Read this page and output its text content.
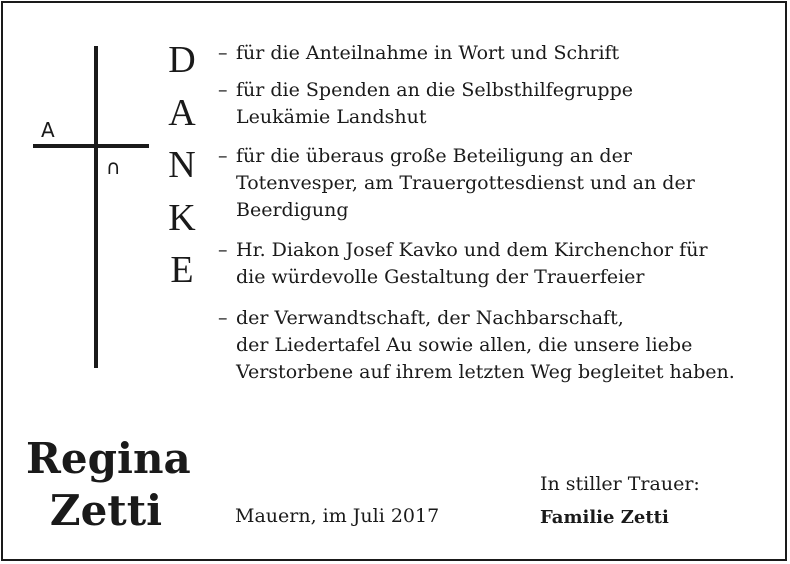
A
∩
D
A
N
K
E
– für die Anteilnahme in Wort und Schrift
– für die Spenden an die Selbsthilfegruppe
Leukämie Landshut
– für die überaus große Beteiligung an der
Totenvesper, am Trauergottesdienst und an der
Beerdigung
– Hr. Diakon Josef Kavko und dem Kirchenchor für
die würdevolle Gestaltung der Trauerfeier
– der Verwandtschaft, der Nachbarschaft,
der Liedertafel Au sowie allen, die unsere liebe
Verstorbene auf ihrem letzten Weg begleitet haben.
Regina
Zetti	Mauern, im Juli 2017
In stiller Trauer:
Familie Zetti
